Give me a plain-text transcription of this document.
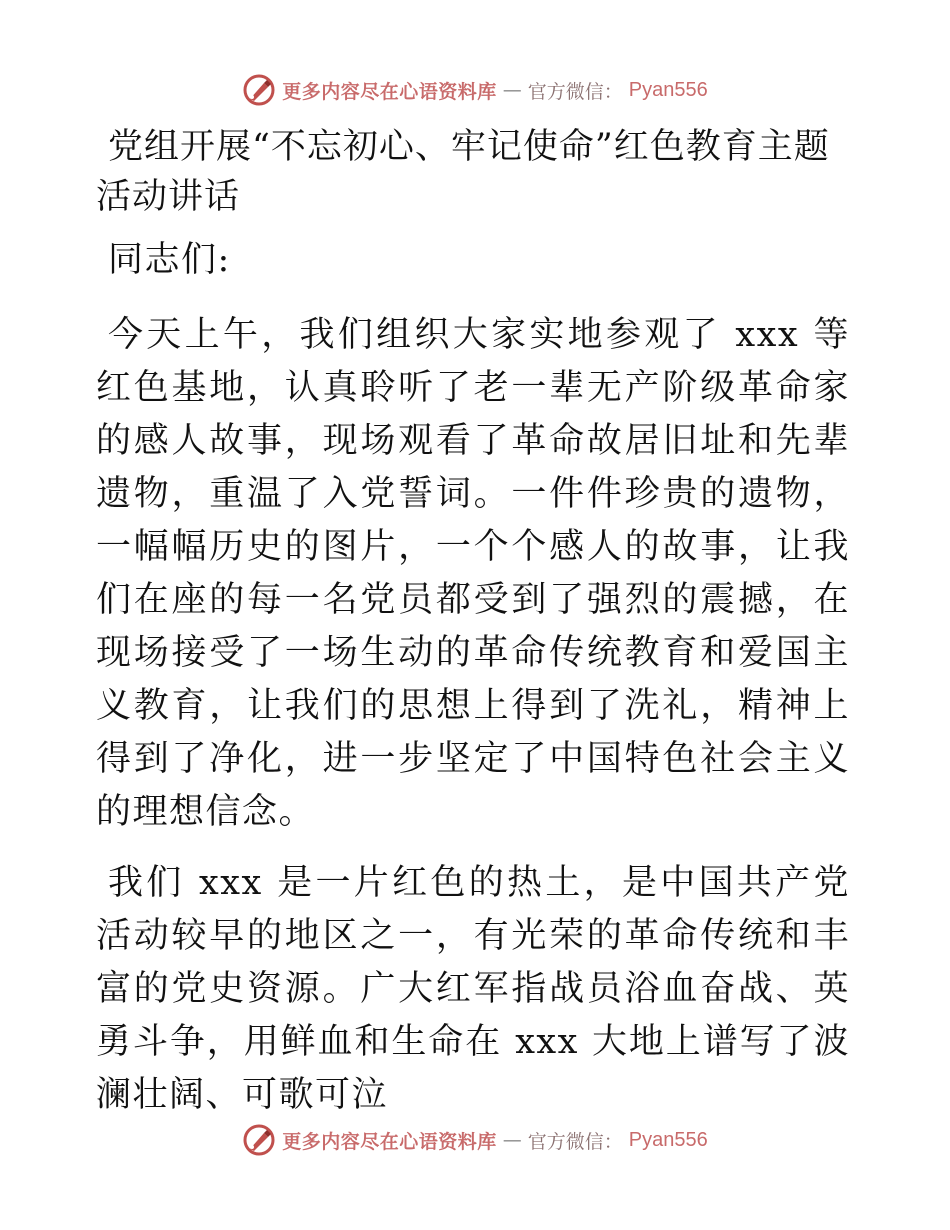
更多内容尽在心语资料库 — 官方微信： Pyan556
党组开展“不忘初心、牢记使命”红色教育主题活动讲话

同志们:

今天上午，我们组织大家实地参观了 xxx 等红色基地，认真聆听了老一辈无产阶级革命家的感人故事，现场观看了革命故居旧址和先辈遗物，重温了入党誓词。一件件珍贵的遗物，一幅幅历史的图片，一个个感人的故事，让我们在座的每一名党员都受到了强烈的震撼，在现场接受了一场生动的革命传统教育和爱国主义教育，让我们的思想上得到了洗礼，精神上得到了净化，进一步坚定了中国特色社会主义的理想信念。

我们 xxx 是一片红色的热土，是中国共产党活动较早的地区之一，有光荣的革命传统和丰富的党史资源。广大红军指战员浴血奋战、英勇斗争，用鲜血和生命在 xxx 大地上谱写了波澜壮阔、可歌可泣

更多内容尽在心语资料库 — 官方微信： Pyan556
